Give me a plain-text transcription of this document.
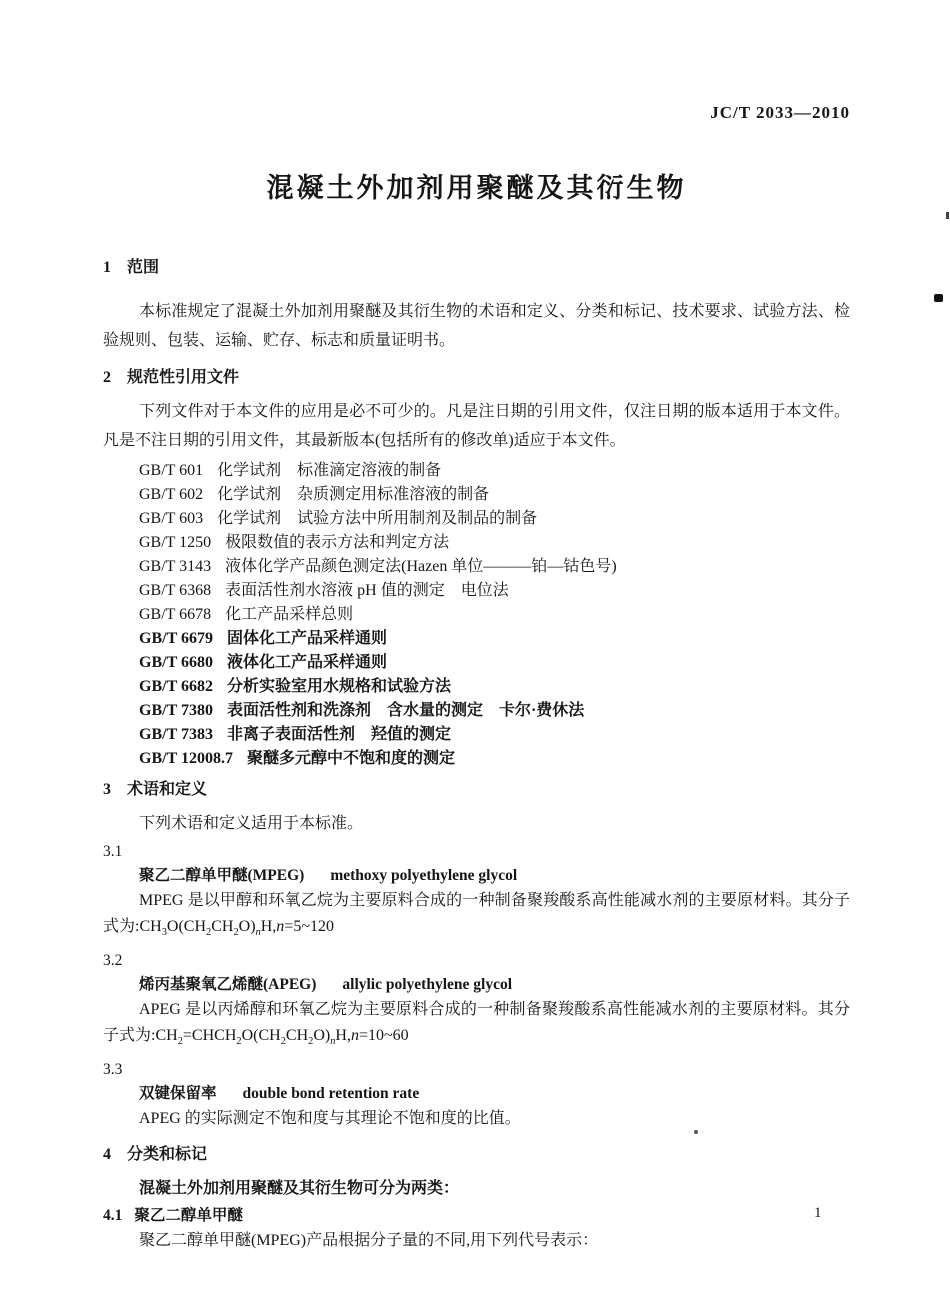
JC/T 2033—2010
混凝土外加剂用聚醚及其衍生物
1 范围

本标准规定了混凝土外加剂用聚醚及其衍生物的术语和定义、分类和标记、技术要求、试验方法、检验规则、包装、运输、贮存、标志和质量证明书。

2 规范性引用文件

下列文件对于本文件的应用是必不可少的。凡是注日期的引用文件，仅注日期的版本适用于本文件。凡是不注日期的引用文件，其最新版本(包括所有的修改单)适应于本文件。

GB/T 601 化学试剂　标准滴定溶液的制备
GB/T 602 化学试剂　杂质测定用标准溶液的制备
GB/T 603 化学试剂　试验方法中所用制剂及制品的制备
GB/T 1250 极限数值的表示方法和判定方法
GB/T 3143 液体化学产品颜色测定法(Hazen 单位———铂—钴色号)
GB/T 6368 表面活性剂水溶液 pH 值的测定　电位法
GB/T 6678 化工产品采样总则
GB/T 6679 固体化工产品采样通则
GB/T 6680 液体化工产品采样通则
GB/T 6682 分析实验室用水规格和试验方法
GB/T 7380 表面活性剂和洗涤剂　含水量的测定　卡尔·费休法
GB/T 7383 非离子表面活性剂　羟值的测定
GB/T 12008.7 聚醚多元醇中不饱和度的测定
3 术语和定义

下列术语和定义适用于本标准。

3.1
聚乙二醇单甲醚(MPEG) methoxy polyethylene glycol

MPEG 是以甲醇和环氧乙烷为主要原料合成的一种制备聚羧酸系高性能减水剂的主要原材料。其分子式为$:CH_3O(CH_2CH_2O)_nH,n=5\sim 120$

3.2
烯丙基聚氧乙烯醚(APEG) allylic polyethylene glycol

APEG 是以丙烯醇和环氧乙烷为主要原料合成的一种制备聚羧酸系高性能减水剂的主要原材料。其分子式为$:CH_2=CHCH_2O(CH_2CH_2O)_nH,n=10\sim 60$

3.3
双键保留率 double bond retention rate

APEG 的实际测定不饱和度与其理论不饱和度的比值。

4 分类和标记

混凝土外加剂用聚醚及其衍生物可分为两类：

4.1 聚乙二醇单甲醚

聚乙二醇单甲醚(MPEG)产品根据分子量的不同,用下列代号表示：

1
